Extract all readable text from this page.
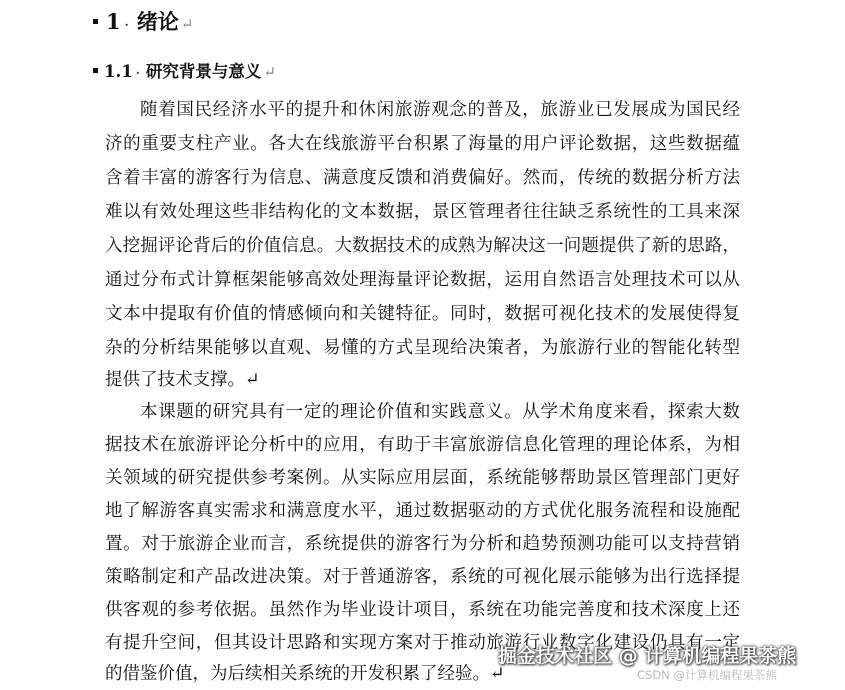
1 · 绪论 ↵
1.1 · 研究背景与意义 ↵
随着国民经济水平的提升和休闲旅游观念的普及，旅游业已发展成为国民经
济的重要支柱产业。各大在线旅游平台积累了海量的用户评论数据，这些数据蕴
含着丰富的游客行为信息、满意度反馈和消费偏好。然而，传统的数据分析方法
难以有效处理这些非结构化的文本数据，景区管理者往往缺乏系统性的工具来深
入挖掘评论背后的价值信息。大数据技术的成熟为解决这一问题提供了新的思路，
通过分布式计算框架能够高效处理海量评论数据，运用自然语言处理技术可以从
文本中提取有价值的情感倾向和关键特征。同时，数据可视化技术的发展使得复
杂的分析结果能够以直观、易懂的方式呈现给决策者，为旅游行业的智能化转型
提供了技术支撑。↵
本课题的研究具有一定的理论价值和实践意义。从学术角度来看，探索大数
据技术在旅游评论分析中的应用，有助于丰富旅游信息化管理的理论体系，为相
关领域的研究提供参考案例。从实际应用层面，系统能够帮助景区管理部门更好
地了解游客真实需求和满意度水平，通过数据驱动的方式优化服务流程和设施配
置。对于旅游企业而言，系统提供的游客行为分析和趋势预测功能可以支持营销
策略制定和产品改进决策。对于普通游客，系统的可视化展示能够为出行选择提
供客观的参考依据。虽然作为毕业设计项目，系统在功能完善度和技术深度上还
有提升空间，但其设计思路和实现方案对于推动旅游行业数字化建设仍具有一定
的借鉴价值，为后续相关系统的开发积累了经验。↵
掘金技术社区 @ 计算机编程果茶熊
CSDN @计算机编程果茶熊
